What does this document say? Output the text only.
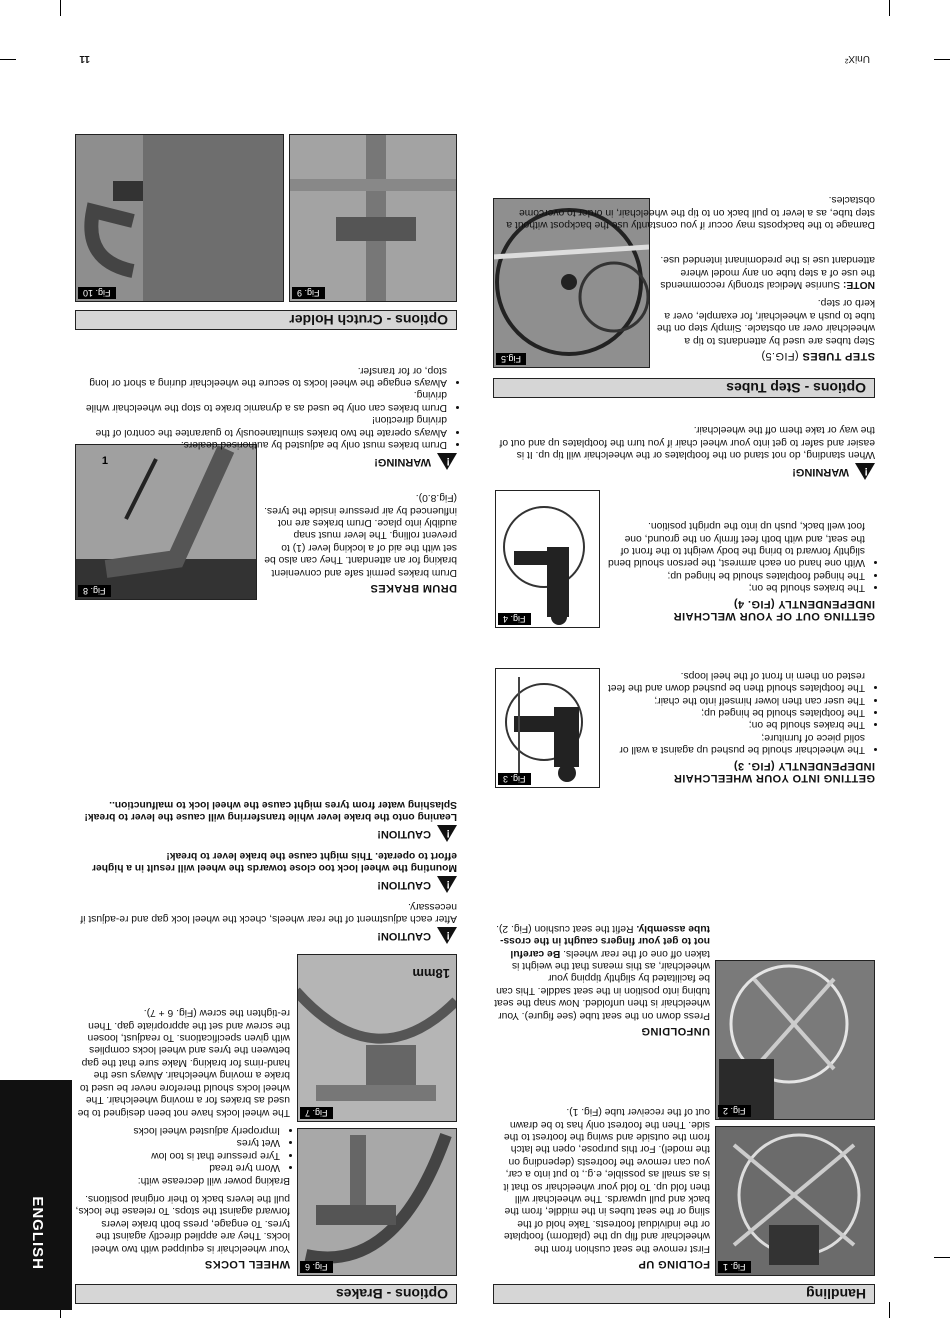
ENGLISH
Handling
Fig. 1
FOLDING UP
First remove the seat cushion from the wheelchair and flip up the (platform) footplate or the individual footrests. Take hold of the sling or the seat tubes in the middle, from the back and pull upwards. The wheelchair will then fold up. To fold your wheelchair so that it is as small as possible, e.g., to put into a car, you can remove the footrests (depending on the model). For this purpose, open the latch from the outside and swing the footrest to the side. Then the footrest only has to be drawn out of the receiver tube (Fig. 1).	Fig. 2
UNFOLDING
Press down on the seat tube (see figure). Your wheelchair is then unfolded. Now snap the seat tubing into position in the seat saddle. This can be facilitated by slightly tipping your wheelchair, as this means that the weight is taken off one of the rear wheels. Be careful not to get your fingers caught in the cross-tube assembly. Refit the seat cushion (Fig. 2).
Fig. 3	GETTING INTO YOUR WHEELCHAIR INDEPENDENTLY (FIG. 3)
• The wheelchair should be pushed up against a wall or solid piece of furniture;
• The brakes should be on;
• The footplates should be hinged up;
• The user can then lower himself into the chair;
• The footplates should then be pushed down and the feet rested on them in front of the heel loops.
Fig. 4	GETTING OUT OF YOUR WELCHAIR INDEPENDENTLY (FIG. 4)
• The brakes should be on;
• The hinged footplates should be hinged up;
• With one hand on each armrest, the person should bend slightly forward to bring the body weight to the front of the seat, and with both feet firmly on the ground, one foot well back, push up into the upright position.
!
WARNING!
When standing, do not stand on the footplates or the wheelchair will tip up. It is easier and safer to get into your wheel chair if you turn the footplates up and out of the way or take them off the wheelchair.
Options - Step Tubes
Fig.5	STEP TUBES (FIG.5)
Step tubes are used by attendants to tip a wheelchair over an obstacle. Simply step on the tube to push a wheelchair, for example, over a kerb or step.
NOTE: Sunrise Medical strongly reccommends the use of a step tube on any model where attendant use is the predominant intended use.
Damage to the backposts may occur if you constantly use the backpost without a step tube, as a lever to pull back on to tip the wheelchair, in order to overcome obstacles.
Options - Brakes
Fig. 6
WHEEL LOCKS
Your wheelchair is equipped with two wheel locks. They are applied directly against the tyres. To engage, press both brake levers forward against the stops. To release the locks, pull the levers back to their original positions.
Braking power will decrease with:
• Worn tyre tread
• Tyre pressure that is too low
• Wet tyres
• Improperly adjusted wheel locks
The wheel locks have not been designed to be used as brakes for a moving wheelchair. The wheel locks should therefore never be used to brake a moving wheelchair. Always use the hand-rims for braking. Make sure that the gap between the tyres and wheel locks complies with given specifications. To readjust, loosen the screw and set the appropriate gap. Then re-tighten the screw (Fig. 6 + 7).
18mm
Fig. 7
!
CAUTION!
After each adjustment of the rear wheels, check the wheel lock gap and re-adjust if necessary.
!
CAUTION!
Mounting the wheel lock too close towards the wheel will result in a higher effort to operate. This might cause the brake lever to break!
!
CAUTION!
Leaning onto the brake lever while transferring will cause the lever to break! Splashing water from tyres might cause the wheel lock to malfunction..
1
Fig. 8	DRUM BRAKES
Drum brakes permit safe and convenient braking for an attendant. They can also be set with the aid of a locking lever (1) to prevent rolling. The lever must snap audibly into place. Drum brakes are not influenced by air pressure inside the tyres. (Fig.8.0).
!
WARNING!
• Drum brakes must only be adjusted by authorised dealers.
• Always operate the two brakes simultaneously to guarantee the control of the driving direction!
• Drum brakes can only be used as a dynamic brake to stop the wheelchair while driving.
• Always engage the wheel locks to secure the wheelchair during a short or long stop, or for transfer.
Options - Crutch Holder
Fig. 9
Fig. 10
UniX²
11
